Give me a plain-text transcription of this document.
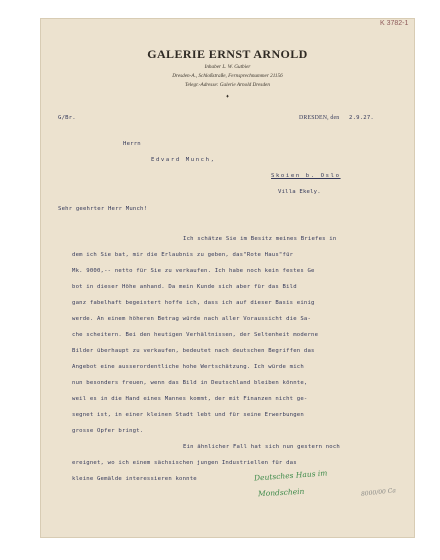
GALERIE ERNST ARNOLD
Inhaber L. W. Gutbier
Dresden-A., Schloßstraße, Fernsprechnummer 21156
Telegr.-Adresse: Galerie Arnold Dresden
♦
G/Br.	DRESDEN, den 2.9.27.
Herrn
Edvard Munch,
Skoien b. Oslo
Villa Ekely.
Sehr geehrter Herr Munch!
Ich schätze Sie im Besitz meines Briefes in
dem ich Sie bat, mir die Erlaubnis zu geben, das"Rote Haus"für
Mk. 9000,-- netto für Sie zu verkaufen. Ich habe noch kein festes Ge
bot in dieser Höhe anhand. Da mein Kunde sich aber für das Bild
ganz fabelhaft begeistert hoffe ich, dass ich auf dieser Basis einig
werde. An einem höheren Betrag würde nach aller Voraussicht die Sa-
che scheitern. Bei den heutigen Verhältnissen, der Seltenheit moderne
Bilder überhaupt zu verkaufen, bedeutet nach deutschen Begriffen das
Angebot eine ausserordentliche hohe Wertschätzung. Ich würde mich
nun besonders freuen, wenn das Bild in Deutschland bleiben könnte,
weil es in die Hand eines Mannes kommt, der mit Finanzen nicht ge-
segnet ist, in einer kleinen Stadt lebt und für seine Erwerbungen
grosse Opfer bringt.
Ein ähnlicher Fall hat sich nun gestern noch
ereignet, wo ich einem sächsischen jungen Industriellen für das
kleine Gemälde interessieren konnte	Deutsches Haus im
Mondschein	8000/00 Ca
K 3782-1
